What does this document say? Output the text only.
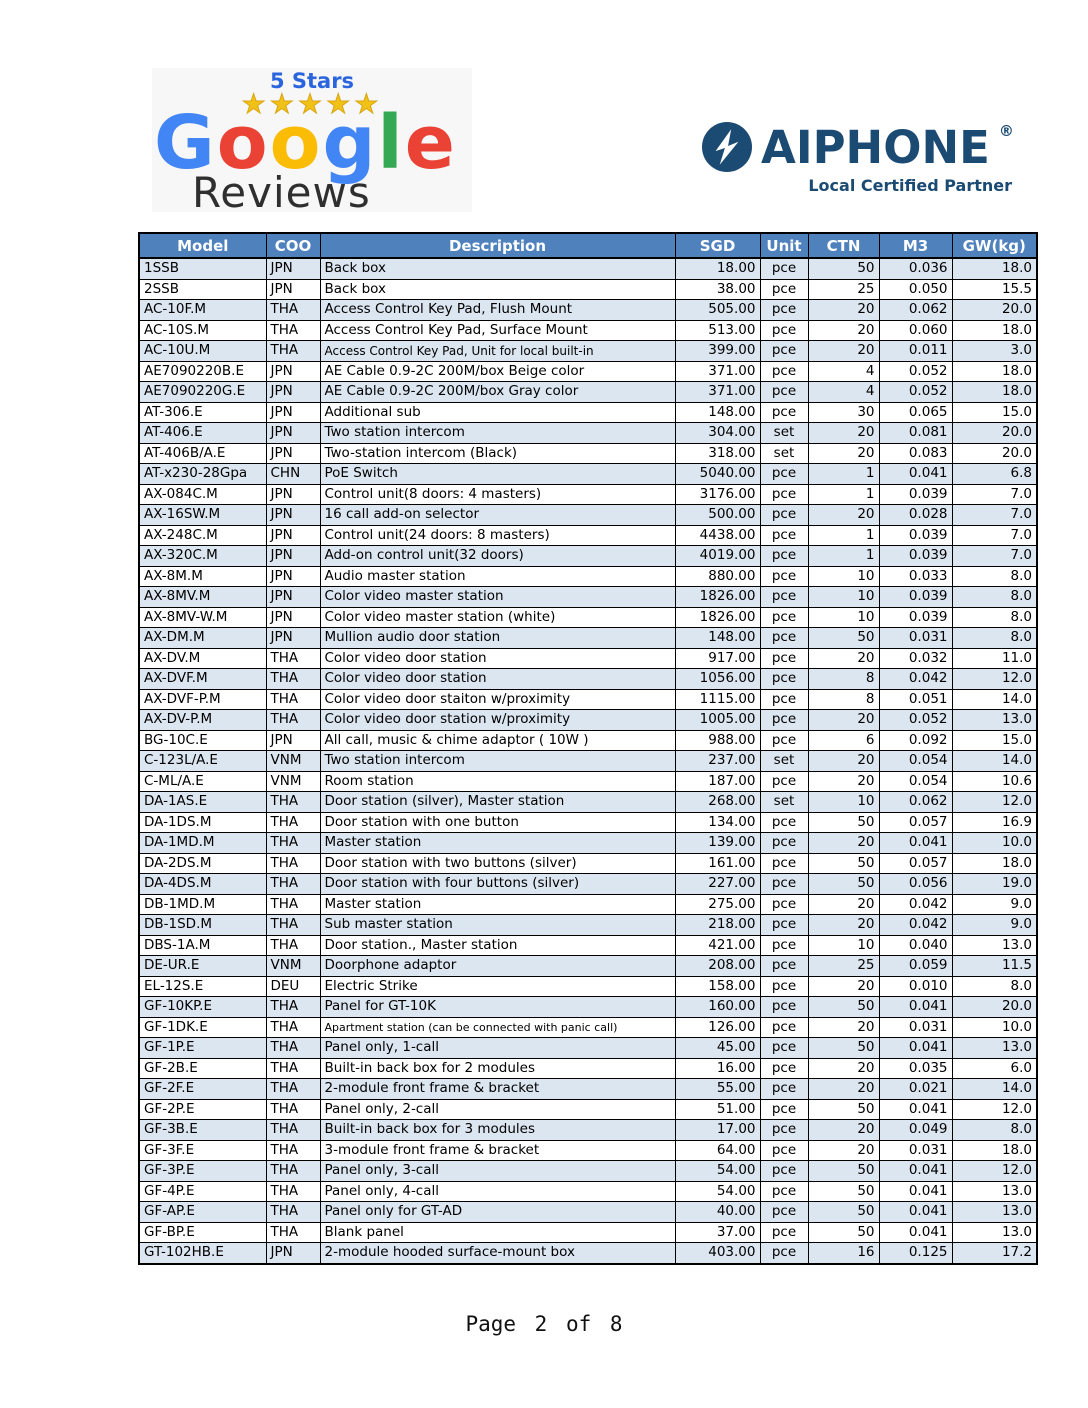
5 Stars
★★★★★
Google
Reviews
AIPHONE ®
Local Certified Partner
Model	COO	Description	SGD	Unit	CTN	M3	GW(kg)
1SSB	JPN	Back box	18.00	pce	50	0.036	18.0
2SSB	JPN	Back box	38.00	pce	25	0.050	15.5
AC-10F.M	THA	Access Control Key Pad, Flush Mount	505.00	pce	20	0.062	20.0
AC-10S.M	THA	Access Control Key Pad, Surface Mount	513.00	pce	20	0.060	18.0
AC-10U.M	THA	Access Control Key Pad, Unit for local built-in	399.00	pce	20	0.011	3.0
AE7090220B.E	JPN	AE Cable 0.9-2C 200M/box Beige color	371.00	pce	4	0.052	18.0
AE7090220G.E	JPN	AE Cable 0.9-2C 200M/box Gray color	371.00	pce	4	0.052	18.0
AT-306.E	JPN	Additional sub	148.00	pce	30	0.065	15.0
AT-406.E	JPN	Two station intercom	304.00	set	20	0.081	20.0
AT-406B/A.E	JPN	Two-station intercom (Black)	318.00	set	20	0.083	20.0
AT-x230-28Gpa	CHN	PoE Switch	5040.00	pce	1	0.041	6.8
AX-084C.M	JPN	Control unit(8 doors: 4 masters)	3176.00	pce	1	0.039	7.0
AX-16SW.M	JPN	16 call add-on selector	500.00	pce	20	0.028	7.0
AX-248C.M	JPN	Control unit(24 doors: 8 masters)	4438.00	pce	1	0.039	7.0
AX-320C.M	JPN	Add-on control unit(32 doors)	4019.00	pce	1	0.039	7.0
AX-8M.M	JPN	Audio master station	880.00	pce	10	0.033	8.0
AX-8MV.M	JPN	Color video master station	1826.00	pce	10	0.039	8.0
AX-8MV-W.M	JPN	Color video master station (white)	1826.00	pce	10	0.039	8.0
AX-DM.M	JPN	Mullion audio door station	148.00	pce	50	0.031	8.0
AX-DV.M	THA	Color video door station	917.00	pce	20	0.032	11.0
AX-DVF.M	THA	Color video door station	1056.00	pce	8	0.042	12.0
AX-DVF-P.M	THA	Color video door staiton w/proximity	1115.00	pce	8	0.051	14.0
AX-DV-P.M	THA	Color video door station w/proximity	1005.00	pce	20	0.052	13.0
BG-10C.E	JPN	All call, music & chime adaptor ( 10W )	988.00	pce	6	0.092	15.0
C-123L/A.E	VNM	Two station intercom	237.00	set	20	0.054	14.0
C-ML/A.E	VNM	Room station	187.00	pce	20	0.054	10.6
DA-1AS.E	THA	Door station (silver), Master station	268.00	set	10	0.062	12.0
DA-1DS.M	THA	Door station with one button	134.00	pce	50	0.057	16.9
DA-1MD.M	THA	Master station	139.00	pce	20	0.041	10.0
DA-2DS.M	THA	Door station with two buttons (silver)	161.00	pce	50	0.057	18.0
DA-4DS.M	THA	Door station with four buttons (silver)	227.00	pce	50	0.056	19.0
DB-1MD.M	THA	Master station	275.00	pce	20	0.042	9.0
DB-1SD.M	THA	Sub master station	218.00	pce	20	0.042	9.0
DBS-1A.M	THA	Door station., Master station	421.00	pce	10	0.040	13.0
DE-UR.E	VNM	Doorphone adaptor	208.00	pce	25	0.059	11.5
EL-12S.E	DEU	Electric Strike	158.00	pce	20	0.010	8.0
GF-10KP.E	THA	Panel for GT-10K	160.00	pce	50	0.041	20.0
GF-1DK.E	THA	Apartment station (can be connected with panic call)	126.00	pce	20	0.031	10.0
GF-1P.E	THA	Panel only, 1-call	45.00	pce	50	0.041	13.0
GF-2B.E	THA	Built-in back box for 2 modules	16.00	pce	20	0.035	6.0
GF-2F.E	THA	2-module front frame & bracket	55.00	pce	20	0.021	14.0
GF-2P.E	THA	Panel only, 2-call	51.00	pce	50	0.041	12.0
GF-3B.E	THA	Built-in back box for 3 modules	17.00	pce	20	0.049	8.0
GF-3F.E	THA	3-module front frame & bracket	64.00	pce	20	0.031	18.0
GF-3P.E	THA	Panel only, 3-call	54.00	pce	50	0.041	12.0
GF-4P.E	THA	Panel only, 4-call	54.00	pce	50	0.041	13.0
GF-AP.E	THA	Panel only for GT-AD	40.00	pce	50	0.041	13.0
GF-BP.E	THA	Blank panel	37.00	pce	50	0.041	13.0
GT-102HB.E	JPN	2-module hooded surface-mount box	403.00	pce	16	0.125	17.2
Page 2 of 8
